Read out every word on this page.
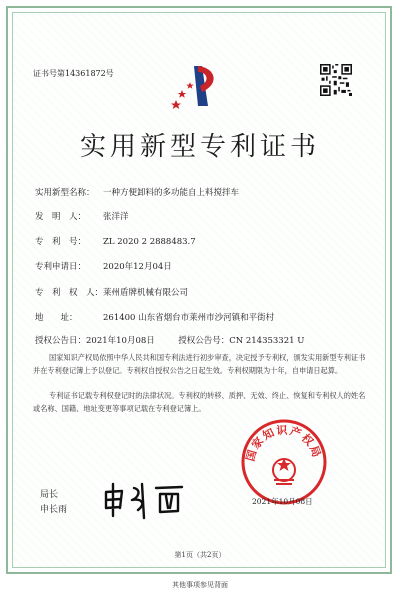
证书号第14361872号
实用新型专利证书
实用新型名称： 一种方便卸料的多功能自上料搅拌车
发　明　人： 张洋洋
专　利　号： ZL 2020 2 2888483.7
专利申请日： 2020年12月04日
专　利　权　人：莱州盾牌机械有限公司
地　　址：	261400 山东省烟台市莱州市沙河镇和平街村
授权公告日：2021年10月08日	授权公告号：CN 214353321 U
国家知识产权局依照中华人民共和国专利法进行初步审查，决定授予专利权，颁发实用新型专利证书并在专利登记簿上予以登记。专利权自授权公告之日起生效。专利权期限为十年，自申请日起算。
专利证书记载专利权登记时的法律状况。专利权的转移、质押、无效、终止、恢复和专利权人的姓名或名称、国籍、地址变更等事项记载在专利登记簿上。
局长
申长雨
国家知识产权局
2021年10月08日
第1页（共2页）
其他事项参见背面
